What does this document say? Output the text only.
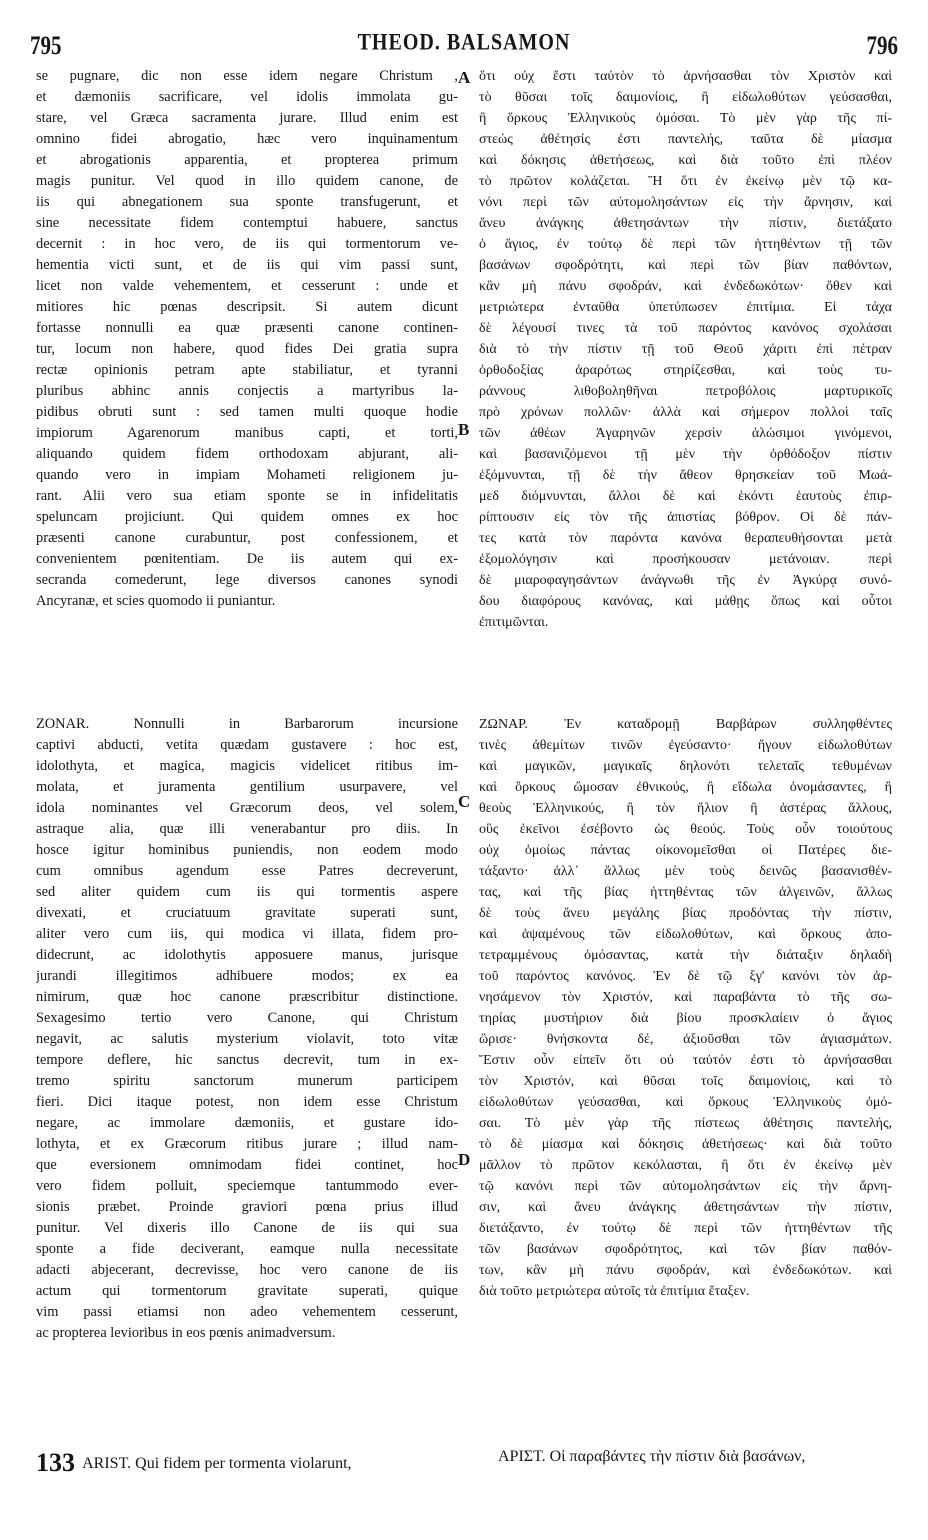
795	THEOD. BALSAMON	796
A
B
C
D
se pugnare, dic non esse idem negare Christum ,
et dæmoniis sacrificare, vel idolis immolata gu-
stare, vel Græca sacramenta jurare. Illud enim est
omnino fidei abrogatio, hæc vero inquinamentum
et abrogationis apparentia, et propterea primum
magis punitur. Vel quod in illo quidem canone, de
iis qui abnegationem sua sponte transfugerunt, et
sine necessitate fidem contemptui habuere, sanctus
decernit : in hoc vero, de iis qui tormentorum ve-
hementia victi sunt, et de iis qui vim passi sunt,
licet non valde vehementem, et cesserunt : unde et
mitiores hic pœnas descripsit. Si autem dicunt
fortasse nonnulli ea quæ præsenti canone continen-
tur, locum non habere, quod fides Dei gratia supra
rectæ opinionis petram apte stabiliatur, et tyranni
pluribus abhinc annis conjectis a martyribus la-
pidibus obruti sunt : sed tamen multi quoque hodie
impiorum Agarenorum manibus capti, et torti,
aliquando quidem fidem orthodoxam abjurant, ali-
quando vero in impiam Mohameti religionem ju-
rant. Alii vero sua etiam sponte se in infidelitatis
speluncam projiciunt. Qui quidem omnes ex hoc
præsenti canone curabuntur, post confessionem, et
convenientem pœnitentiam. De iis autem qui ex-
secranda comederunt, lege diversos canones synodi
Ancyranæ, et scies quomodo ii puniantur.
ZONAR. Nonnulli in Barbarorum incursione
captivi abducti, vetita quædam gustavere : hoc est,
idolothyta, et magica, magicis videlicet ritibus im-
molata, et juramenta gentilium usurpavere, vel
idola nominantes vel Græcorum deos, vel solem,
astraque alia, quæ illi venerabantur pro diis. In
hosce igitur hominibus puniendis, non eodem modo
cum omnibus agendum esse Patres decreverunt,
sed aliter quidem cum iis qui tormentis aspere
divexati, et cruciatuum gravitate superati sunt,
aliter vero cum iis, qui modica vi illata, fidem pro-
didecrunt, ac idolothytis apposuere manus, jurisque
jurandi illegitimos adhibuere modos; ex ea
nimirum, quæ hoc canone præscribitur distinctione.
Sexagesimo tertio vero Canone, qui Christum
negavit, ac salutis mysterium violavit, toto vitæ
tempore deflere, hic sanctus decrevit, tum in ex-
tremo spiritu sanctorum munerum participem
fieri. Dici itaque potest, non idem esse Christum
negare, ac immolare dæmoniis, et gustare ido-
lothyta, et ex Græcorum ritibus jurare ; illud nam-
que eversionem omnimodam fidei continet, hoc
vero fidem polluit, speciemque tantummodo ever-
sionis præbet. Proinde graviori pœna prius illud
punitur. Vel dixeris illo Canone de iis qui sua
sponte a fide deciverant, eamque nulla necessitate
adacti abjecerant, decrevisse, hoc vero canone de iis
actum qui tormentorum gravitate superati, quique
vim passi etiamsi non adeo vehementem cesserunt,
ac propterea levioribus in eos pœnis animadversum.
ὅτι οὐχ ἔστι ταὐτὸν τὸ ἀρνήσασθαι τὸν Χριστὸν καὶ
τὸ θῦσαι τοῖς δαιμονίοις, ἢ εἰδωλοθύτων γεύσασθαι,
ἢ ὅρκους Ἑλληνικοὺς ὀμόσαι. Τὸ μὲν γὰρ τῆς πί-
στεώς ἀθέτησίς ἐστι παντελής, ταῦτα δὲ μίασμα
καὶ δόκησις ἀθετήσεως, καὶ διὰ τοῦτο ἐπὶ πλέον
τὸ πρῶτον κολάζεται. Ἢ ὅτι ἐν ἐκείνῳ μὲν τῷ κα-
νόνι περὶ τῶν αὐτομολησάντων εἰς τὴν ἄρνησιν, καὶ
ἄνευ ἀνάγκης ἀθετησάντων τὴν πίστιν, διετάξατο
ὁ ἅγιος, ἐν τούτῳ δὲ περὶ τῶν ἡττηθέντων τῇ τῶν
βασάνων σφοδρότητι, καὶ περὶ τῶν βίαν παθόντων,
κἂν μὴ πάνυ σφοδράν, καὶ ἐνδεδωκότων· ὅθεν καὶ
μετριώτερα ἐνταῦθα ὑπετύπωσεν ἐπιτίμια. Εἰ τάχα
δὲ λέγουσί τινες τὰ τοῦ παρόντος κανόνος σχολάσαι
διὰ τὸ τὴν πίστιν τῇ τοῦ Θεοῦ χάριτι ἐπὶ πέτραν
ὀρθοδοξίας ἀραρότως στηρίζεσθαι, καὶ τοὺς τυ-
ράννους λιθοβοληθῆναι πετροβόλοις μαρτυρικοῖς
πρὸ χρόνων πολλῶν· ἀλλὰ καὶ σήμερον πολλοὶ ταῖς
τῶν ἀθέων Ἀγαρηνῶν χερσὶν ἁλώσιμοι γινόμενοι,
καὶ βασανιζόμενοι τῇ μὲν τὴν ὀρθόδοξον πίστιν
ἐξόμνυνται, τῇ δὲ τὴν ἄθεον θρησκείαν τοῦ Μωά-
μεδ διόμνυνται, ἄλλοι δὲ καὶ ἑκόντι ἑαυτοὺς ἐπιρ-
ρίπτουσιν εἰς τὸν τῆς ἀπιστίας βόθρον. Οἱ δὲ πάν-
τες κατὰ τὸν παρόντα κανόνα θεραπευθήσονται μετὰ
ἐξομολόγησιν καὶ προσήκουσαν μετάνοιαν. περὶ
δὲ μιαροφαγησάντων ἀνάγνωθι τῆς ἐν Ἀγκύρᾳ συνό-
δου διαφόρους κανόνας, καὶ μάθῃς ὅπως καὶ οὗτοι
ἐπιτιμῶνται.
ΖΩΝΑΡ. Ἐν καταδρομῇ Βαρβάρων συλληφθέντες
τινὲς ἀθεμίτων τινῶν ἐγεύσαντο· ἤγουν εἰδωλοθύτων
καὶ μαγικῶν, μαγικαῖς δηλονότι τελεταῖς τεθυμένων
καὶ ὅρκους ὤμοσαν ἐθνικούς, ἢ εἴδωλα ὀνομάσαντες, ἢ
θεοὺς Ἑλληνικούς, ἢ τὸν ἥλιον ἢ ἀστέρας ἄλλους,
οὓς ἐκεῖνοι ἐσέβοντο ὡς θεούς. Τοὺς οὖν τοιούτους
οὐχ ὁμοίως πάντας οἰκονομεῖσθαι οἱ Πατέρες διε-
τάξαντο· ἀλλ᾽ ἄλλως μὲν τοὺς δεινῶς βασανισθέν-
τας, καὶ τῆς βίας ἡττηθέντας τῶν ἀλγεινῶν, ἄλλως
δὲ τοὺς ἄνευ μεγάλης βίας προδόντας τὴν πίστιν,
καὶ ἁψαμένους τῶν εἰδωλοθύτων, καὶ ὅρκους ἀπο-
τετραμμένους ὀμόσαντας, κατὰ τὴν διάταξιν δηλαδὴ
τοῦ παρόντος κανόνος. Ἐν δὲ τῷ ξγ' κανόνι τὸν ἀρ-
νησάμενον τὸν Χριστόν, καὶ παραβάντα τὸ τῆς σω-
τηρίας μυστήριον διὰ βίου προσκλαίειν ὁ ἅγιος
ὥρισε· θνήσκοντα δέ, ἀξιοῦσθαι τῶν ἁγιασμάτων.
Ἔστιν οὖν εἰπεῖν ὅτι οὐ ταὐτόν ἐστι τὸ ἀρνήσασθαι
τὸν Χριστόν, καὶ θῦσαι τοῖς δαιμονίοις, καὶ τὸ
εἰδωλοθύτων γεύσασθαι, καὶ ὅρκους Ἑλληνικοὺς ὀμό-
σαι. Τὸ μὲν γὰρ τῆς πίστεως ἀθέτησις παντελής,
τὸ δὲ μίασμα καὶ δόκησις ἀθετήσεως· καὶ διὰ τοῦτο
μᾶλλον τὸ πρῶτον κεκόλασται, ἢ ὅτι ἐν ἐκείνῳ μὲν
τῷ κανόνι περὶ τῶν αὐτομολησάντων εἰς τὴν ἄρνη-
σιν, καὶ ἄνευ ἀνάγκης ἀθετησάντων τὴν πίστιν,
διετάξαντο, ἐν τούτῳ δὲ περὶ τῶν ἡττηθέντων τῆς
τῶν βασάνων σφοδρότητος, καὶ τῶν βίαν παθόν-
των, κἂν μὴ πάνυ σφοδράν, καὶ ἐνδεδωκότων. καὶ
διὰ τοῦτο μετριώτερα αὐτοῖς τὰ ἐπιτίμια ἔταξεν.
133 ARIST. Qui fidem per tormenta violarunt,	ΑΡΙΣΤ. Οἱ παραβάντες τὴν πίστιν διὰ βασάνων,
